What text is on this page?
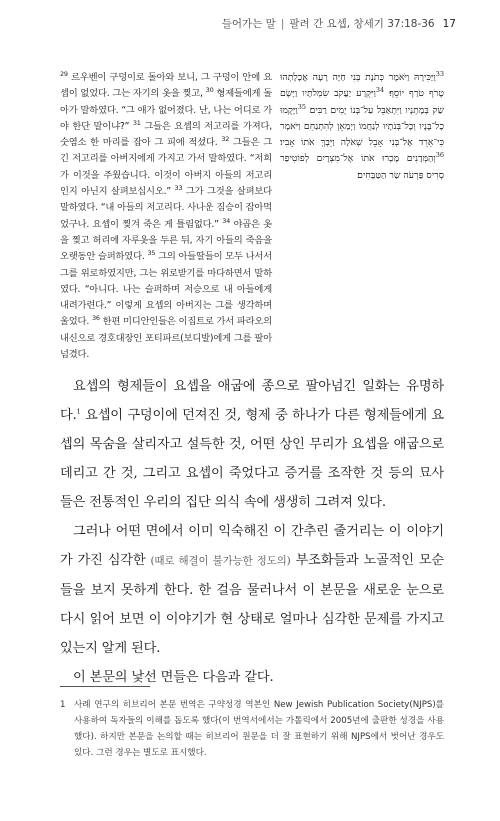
들어가는 말 | 팔려 간 요셉, 창세기 37:18-36 17
$^{29}$ 르우벤이 구덩이로 돌아와 보니, 그 구덩이 안에 요셉이 없었다. 그는 자기의 옷을 찢고, $^{30}$ 형제들에게 돌아가 말하였다. “그 애가 없어졌다. 난, 나는 어디로 가야 한단 말이냐?” $^{31}$ 그들은 요셉의 저고리를 가져다, 숫염소 한 마리를 잡아 그 피에 적셨다. $^{32}$ 그들은 그 긴 저고리를 아버지에게 가지고 가서 말하였다. “저희가 이것을 주웠습니다. 이것이 아버지 아들의 저고리인지 아닌지 살펴보십시오.” $^{33}$ 그가 그것을 살펴보다 말하였다. “내 아들의 저고리다. 사나운 짐승이 잡아먹었구나. 요셉이 찢겨 죽은 게 틀림없다.” $^{34}$ 야곱은 옷을 찢고 허리에 자루옷을 두른 뒤, 자기 아들의 죽음을 오랫동안 슬퍼하였다. $^{35}$ 그의 아들딸들이 모두 나서서 그를 위로하였지만, 그는 위로받기를 마다하면서 말하였다. “아니다. 나는 슬퍼하며 저승으로 내 아들에게 내려가련다.” 이렇게 요셉의 아버지는 그를 생각하며 울었다. $^{36}$ 한편 미디안인들은 이집트로 가서 파라오의 내신으로 경호대장인 포티파르(보디발)에게 그를 팔아넘겼다.
$^{33}$וַיַּכִּירָהּ וַיֹּאמֶר כְּתֹנֶת בְּנִי חַיָּה רָעָה אֲכָלָתְהוּ טָרֹף טֹרַף יוֹסֵף׃ $^{34}$וַיִּקְרַע יַעֲקֹב שִׂמְלֹתָיו וַיָּשֶׂם שַׂק בְּמָתְנָיו וַיִּתְאַבֵּל עַל־בְּנוֹ יָמִים רַבִּים׃ $^{35}$וַיָּקֻמוּ כָל־בָּנָיו וְכָל־בְּנֹתָיו לְנַחֲמוֹ וַיְמָאֵן לְהִתְנַחֵם וַיֹּאמֶר כִּי־אֵרֵד אֶל־בְּנִי אָבֵל שְׁאֹלָה וַיֵּבְךְּ אֹתוֹ אָבִיו׃ $^{36}$וְהַמְּדָנִים מָכְרוּ אֹתוֹ אֶל־מִצְרָיִם לְפוֹטִיפַר סְרִיס פַּרְעֹה שַׂר הַטַּבָּחִים׃

요셉의 형제들이 요셉을 애굽에 종으로 팔아넘긴 일화는 유명하다.$^1$ 요셉이 구덩이에 던져진 것, 형제 중 하나가 다른 형제들에게 요셉의 목숨을 살리자고 설득한 것, 어떤 상인 무리가 요셉을 애굽으로 데리고 간 것, 그리고 요셉이 죽었다고 증거를 조작한 것 등의 묘사들은 전통적인 우리의 집단 의식 속에 생생히 그려져 있다.

그러나 어떤 면에서 이미 익숙해진 이 간추린 줄거리는 이 이야기가 가진 심각한 (때로 해결이 불가능한 정도의) 부조화들과 노골적인 모순들을 보지 못하게 한다. 한 걸음 물러나서 이 본문을 새로운 눈으로 다시 읽어 보면 이 이야기가 현 상태로 얼마나 심각한 문제를 가지고 있는지 알게 된다.

이 본문의 낯선 면들은 다음과 같다.

1 사례 연구의 히브리어 본문 번역은 구약성경 역본인 New Jewish Publication Society(NJPS)를 사용하여 독자들의 이해를 돕도록 했다(이 번역서에서는 가톨릭에서 2005년에 출판한 성경을 사용했다). 하지만 본문을 논의할 때는 히브리어 원문을 더 잘 표현하기 위해 NJPS에서 벗어난 경우도 있다. 그런 경우는 별도로 표시했다.
